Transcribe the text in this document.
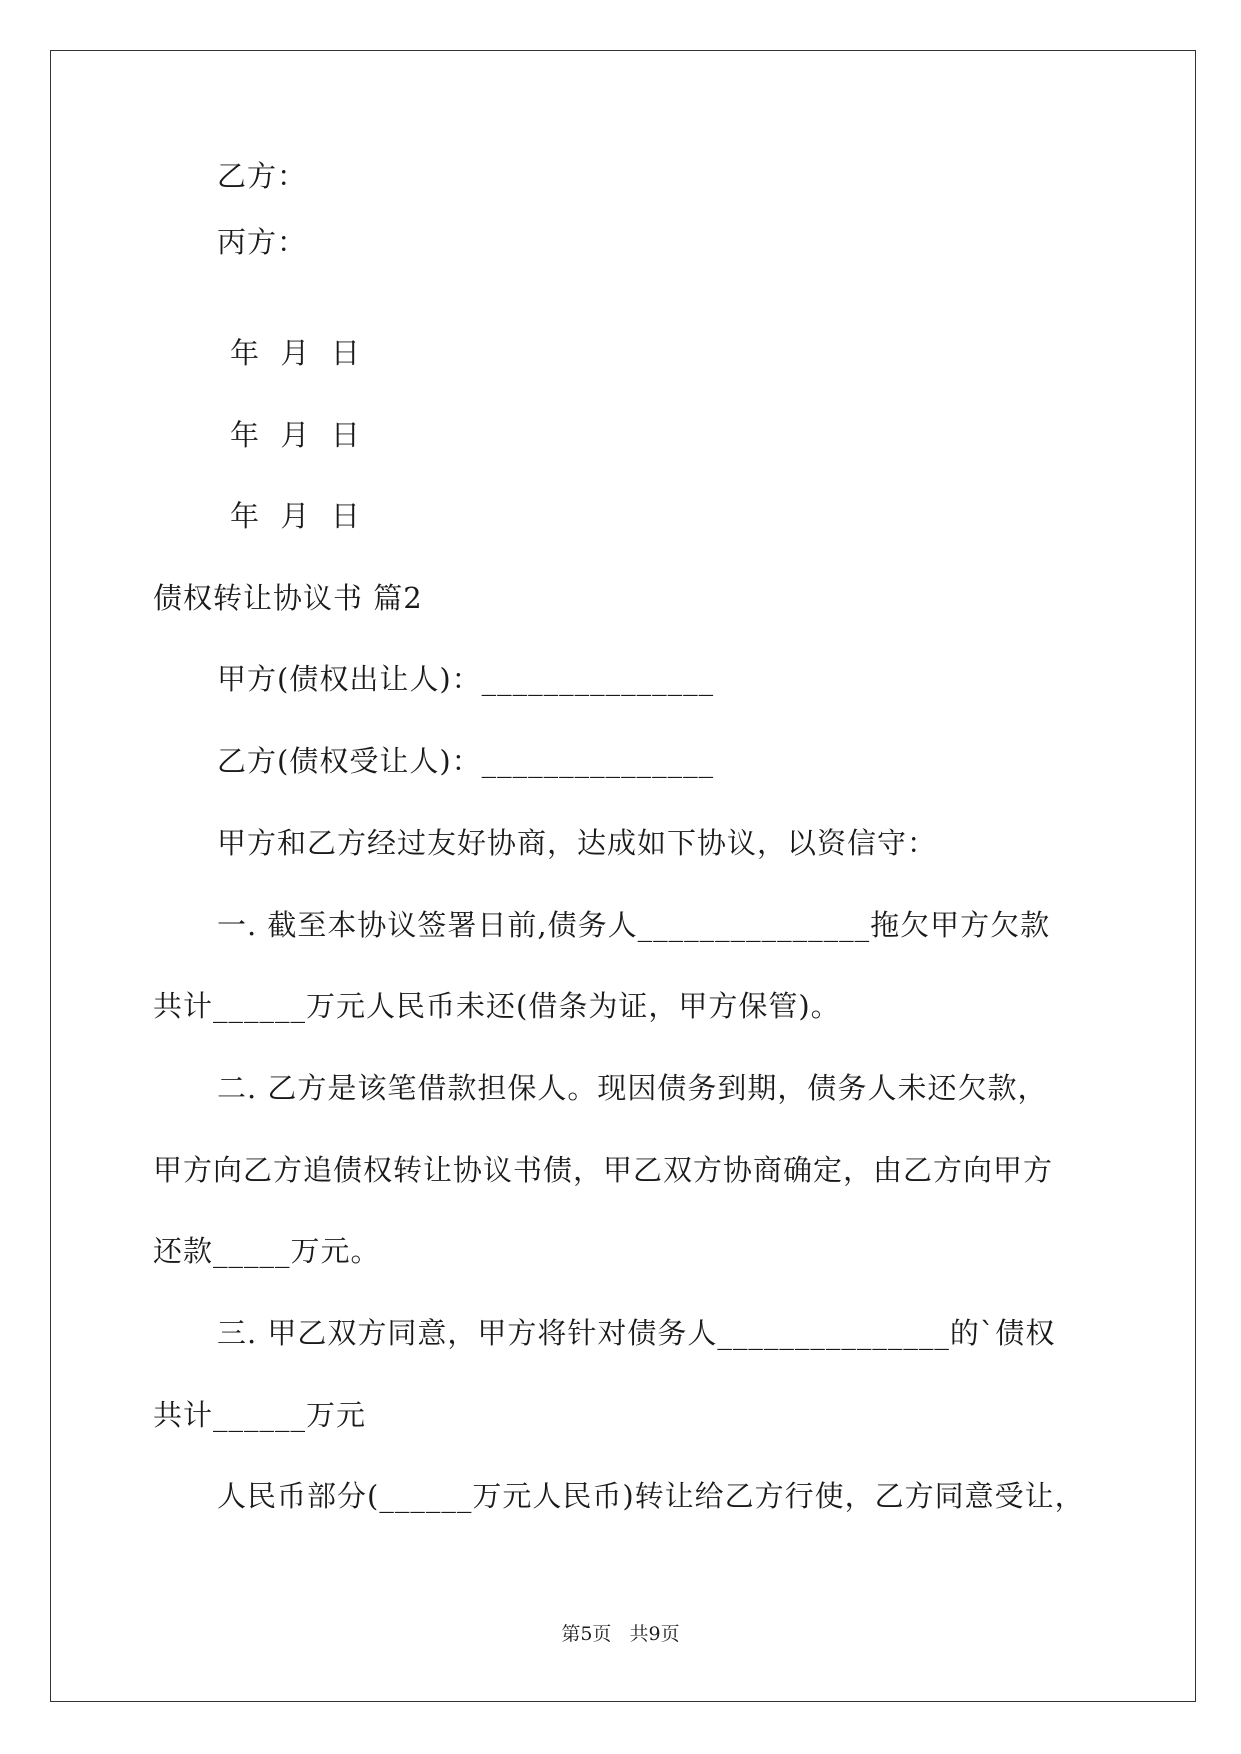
乙方：
丙方：
年  月  日
年  月  日
年  月  日
债权转让协议书 篇2
甲方(债权出让人)：_______________
乙方(债权受让人)：_______________
甲方和乙方经过友好协商，达成如下协议，以资信守：
一. 截至本协议签署日前,债务人_______________拖欠甲方欠款
共计______万元人民币未还(借条为证，甲方保管)。
二. 乙方是该笔借款担保人。现因债务到期，债务人未还欠款，
甲方向乙方追债权转让协议书债，甲乙双方协商确定，由乙方向甲方
还款_____万元。
三. 甲乙双方同意，甲方将针对债务人_______________的`债权
共计______万元
人民币部分(______万元人民币)转让给乙方行使，乙方同意受让，
第5页   共9页
